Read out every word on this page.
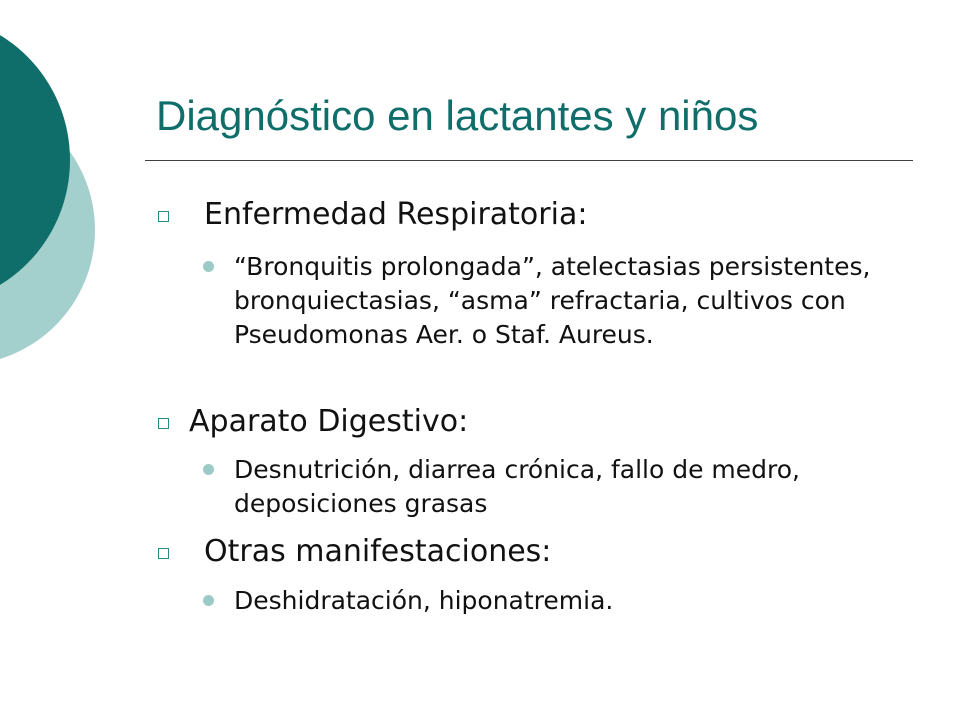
Diagnóstico en lactantes y niños
Enfermedad Respiratoria:
“Bronquitis prolongada”, atelectasias persistentes, bronquiectasias, “asma” refractaria, cultivos con Pseudomonas Aer. o Staf. Aureus.
Aparato Digestivo:
Desnutrición, diarrea crónica, fallo de medro, deposiciones grasas
Otras manifestaciones:
Deshidratación, hiponatremia.
